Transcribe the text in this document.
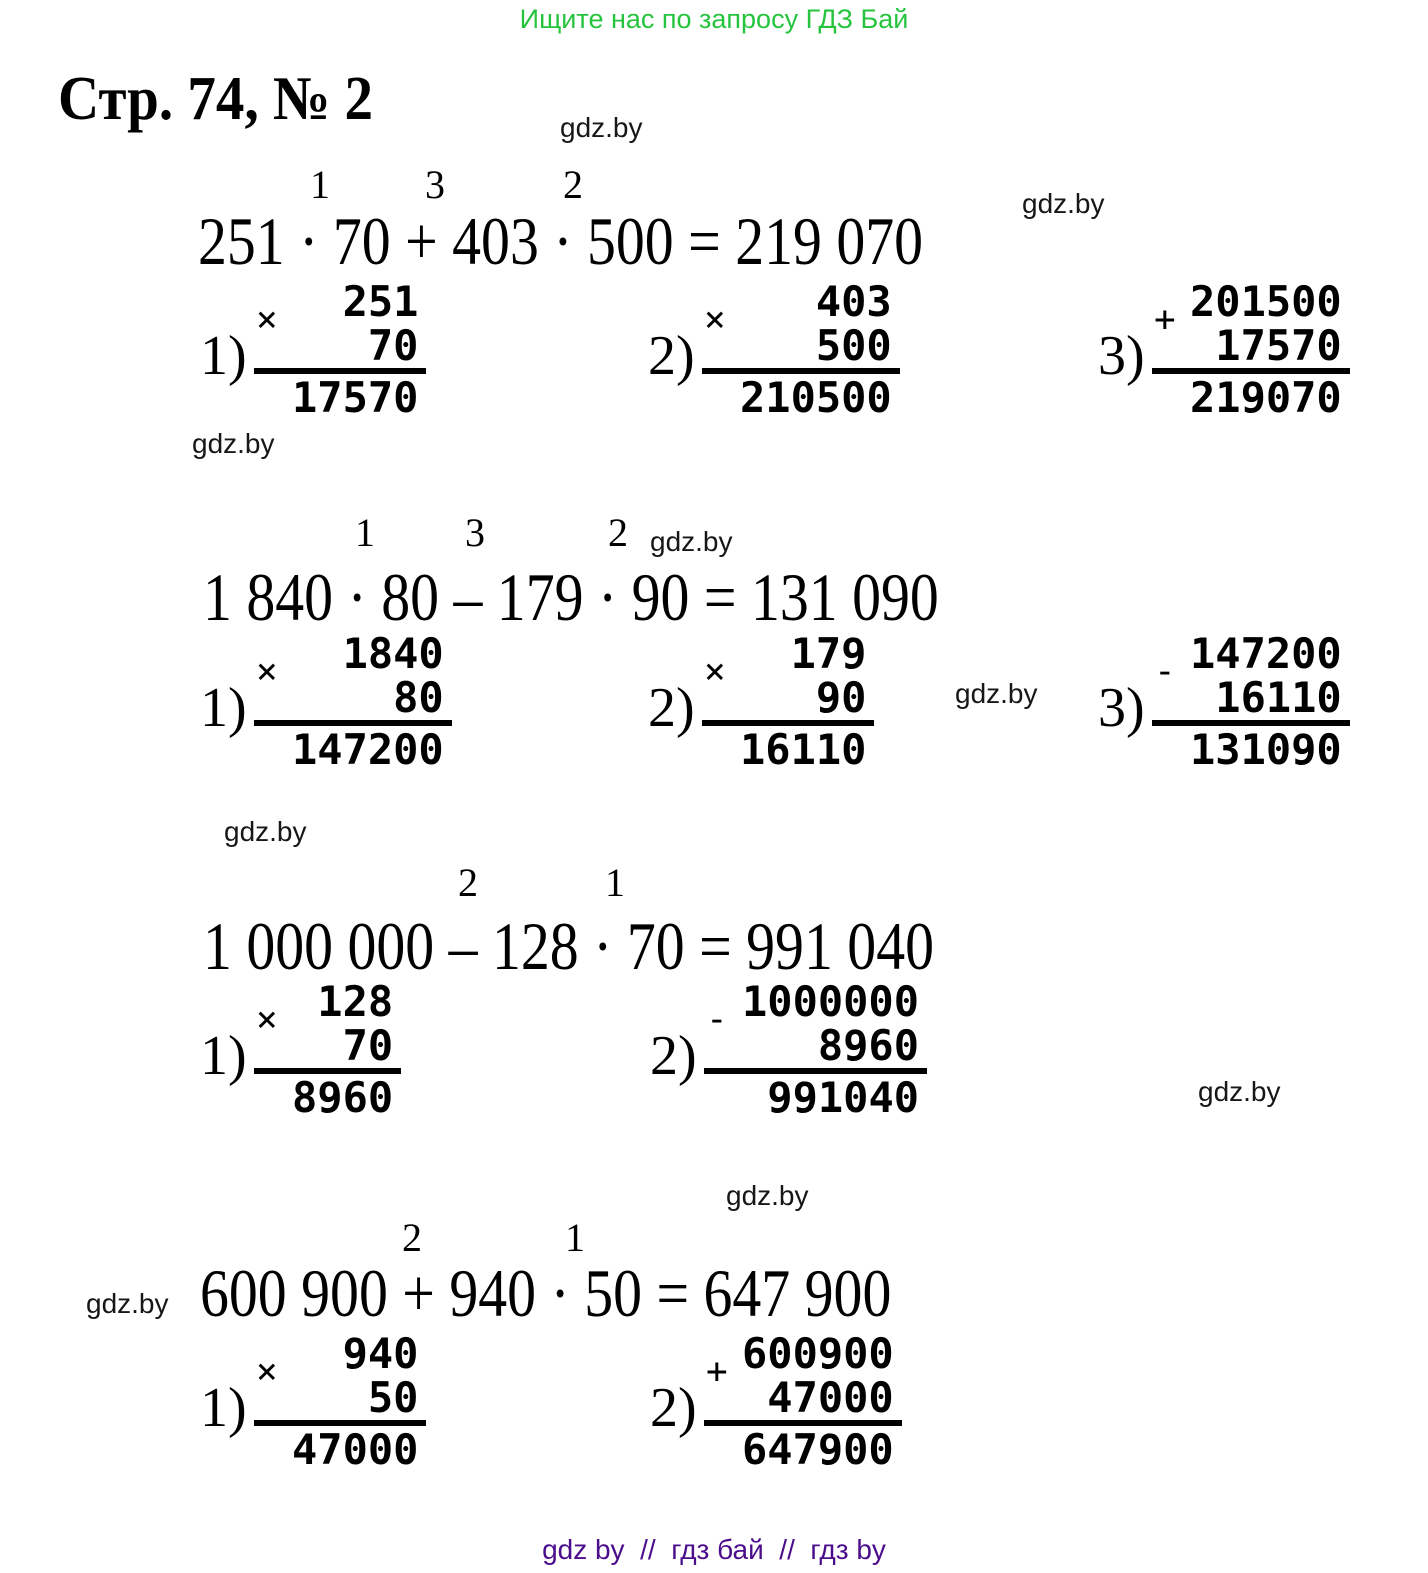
Ищите нас по запросу ГДЗ Бай
Стр. 74, № 2	gdz.by
gdz.by
gdz.by
gdz.by
gdz.by
gdz.by
gdz.by
gdz.by
gdz.by
1 3	2
251 · 70 + 403 · 500 = 219 070
1)
×	251
70
17570
2)
×	403
500
210500
3)
+ 201500
17570
219070
1 3	2
1 840 · 80 – 179 · 90 = 131 090
1)
×	1840
80
147200
2)
×	179
90
16110
3)
- 147200
16110
131090
2	1
1 000 000 – 128 · 70 = 991 040
1)
× 128
70
8960
2)
- 1000000
8960
991040
2	1
600 900 + 940 · 50 = 647 900
1)
×	940
50
47000
2)
+ 600900
47000
647900
gdz by  //  гдз бай  //  гдз by
